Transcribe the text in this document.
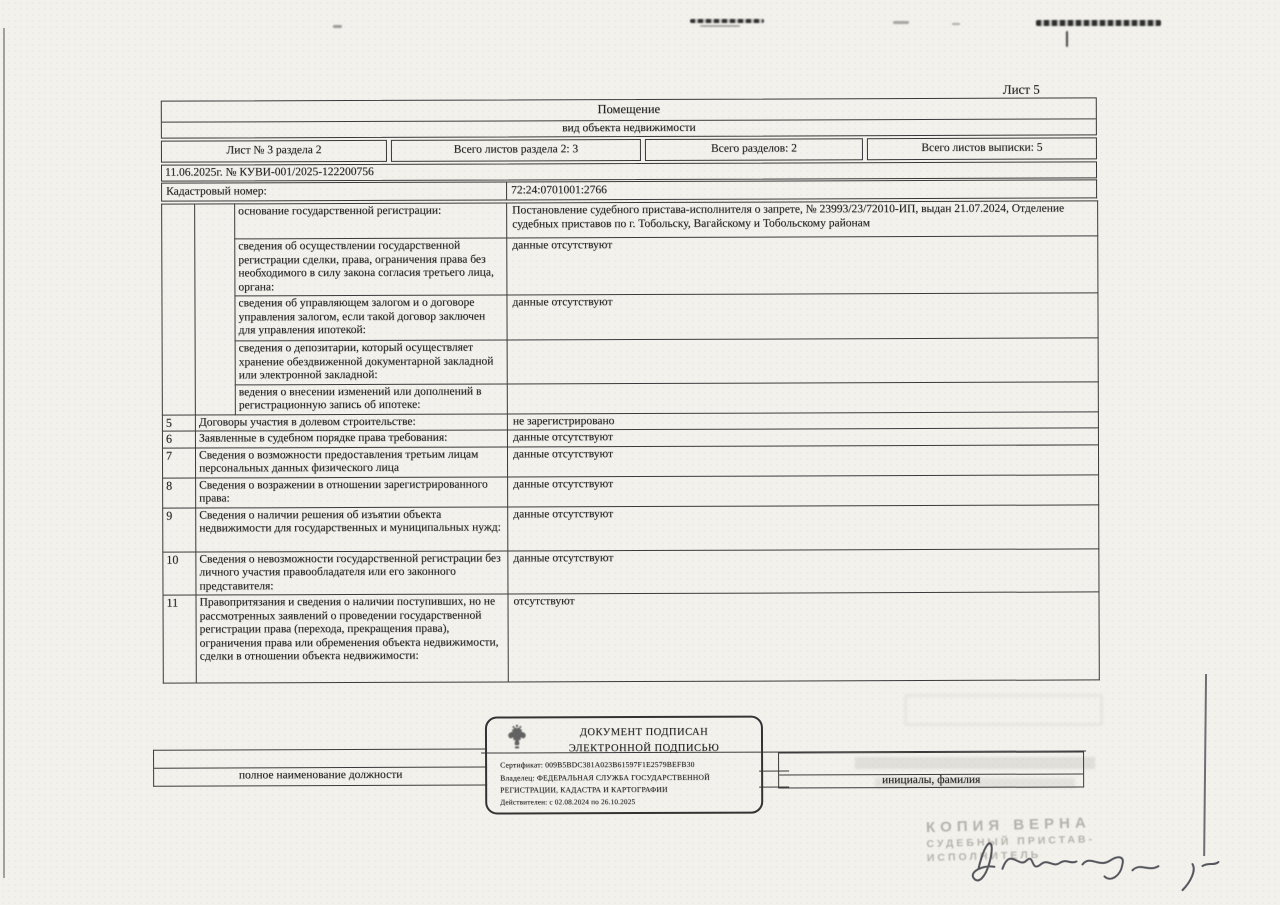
Лист 5
Помещение
вид объекта недвижимости
Лист № 3 раздела 2	Всего листов раздела 2: 3	Всего разделов: 2	Всего листов выписки: 5
11.06.2025г. № КУВИ-001/2025-122200756
Кадастровый номер:	72:24:0701001:2766
		основание государственной регистрации:	Постановление судебного пристава-исполнителя о запрете, № 23993/23/72010-ИП, выдан 21.07.2024, Отделение судебных приставов по г. Тобольску, Вагайскому и Тобольскому районам
		сведения об осуществлении государственной регистрации сделки, права, ограничения права без необходимого в силу закона согласия третьего лица, органа:	данные отсутствуют
		сведения об управляющем залогом и о договоре управления залогом, если такой договор заключен для управления ипотекой:	данные отсутствуют
		сведения о депозитарии, который осуществляет хранение обездвиженной документарной закладной или электронной закладной:	
		ведения о внесении изменений или дополнений в регистрационную запись об ипотеке:	
5	Договоры участия в долевом строительстве:		не зарегистрировано
6	Заявленные в судебном порядке права требования:		данные отсутствуют
7	Сведения о возможности предоставления третьим лицам персональных данных физического лица		данные отсутствуют
8	Сведения о возражении в отношении зарегистрированного права:		данные отсутствуют
9	Сведения о наличии решения об изъятии объекта недвижимости для государственных и муниципальных нужд:		данные отсутствуют
10	Сведения о невозможности государственной регистрации без личного участия правообладателя или его законного представителя:		данные отсутствуют
11	Правопритязания и сведения о наличии поступивших, но не рассмотренных заявлений о проведении государственной регистрации права (перехода, прекращения права), ограничения права или обременения объекта недвижимости, сделки в отношении объекта недвижимости:		отсутствуют
полное наименование должности	инициалы, фамилия
ДОКУМЕНТ ПОДПИСАН
ЭЛЕКТРОННОЙ ПОДПИСЬЮ
Сертификат: 009B5BDC381A023B61597F1E2579BEFB30
Владелец: ФЕДЕРАЛЬНАЯ СЛУЖБА ГОСУДАРСТВЕННОЙ
РЕГИСТРАЦИИ, КАДАСТРА И КАРТОГРАФИИ
Действителен: с 02.08.2024 по 26.10.2025
КОПИЯ ВЕРНА
СУДЕБНЫЙ ПРИСТАВ-
ИСПОЛНИТЕЛЬ
